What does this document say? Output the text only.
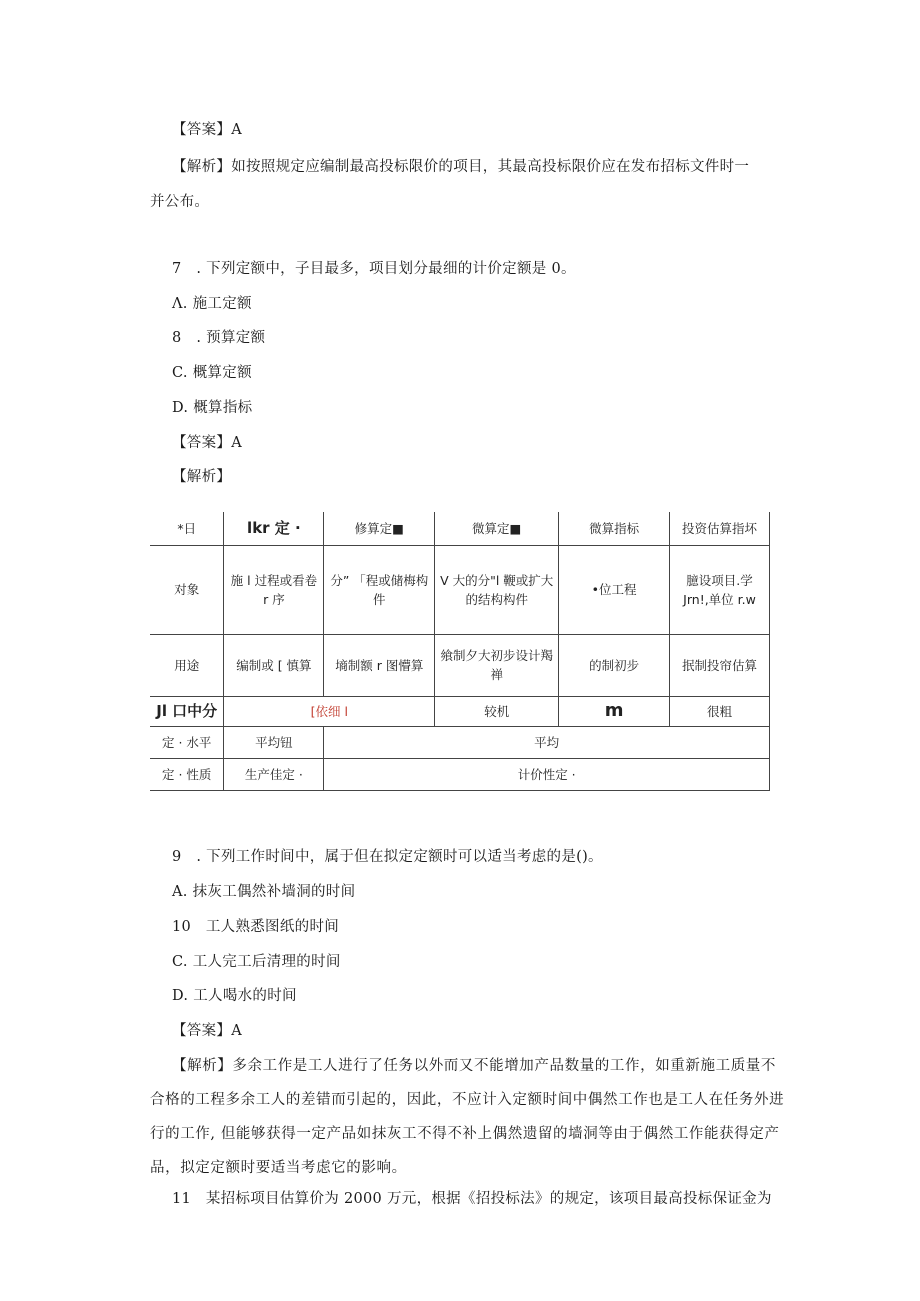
【答案】A
【解析】如按照规定应编制最高投标限价的项目，其最高投标限价应在发布招标文件时一
并公布。
7　. 下列定额中，子目最多，项目划分最细的计价定额是 0。
Λ. 施工定额
8　. 预算定额
C. 概算定额
D. 概算指标
【答案】A
【解析】
*日	lkr 定 ·	修算定■	微算定■	微算指标	投资估算指坏
对象	施 l 过程或看卷 r 序	分” 「程或储梅构件	V 大的分"l 鞭或扩大的结构构件	•位工程	臆设项目.学 Jrn!,单位 r.w
用途	编制或 [ 慎算	墒制额 r 图懵算	飨制夕大初步设计羯禅	的制初步	抿制投帘估算
Jl 口中分	[依细 l		较机	m	很粗
定 · 水平	平均钮	平均			
定 · 性质	生产佳定 ·	计价性定 ·			
9　. 下列工作时间中，属于但在拟定定额时可以适当考虑的是()。
A. 抹灰工偶然补墙洞的时间
10　工人熟悉图纸的时间
C. 工人完工后清理的时间
D. 工人喝水的时间
【答案】A
【解析】多余工作是工人进行了任务以外而又不能增加产品数量的工作，如重新施工质量不合格的工程多余工人的差错而引起的，因此，不应计入定额时间中偶然工作也是工人在任务外进行的工作, 但能够获得一定产品如抹灰工不得不补上偶然遗留的墙洞等由于偶然工作能获得定产品，拟定定额时要适当考虑它的影响。
11　某招标项目估算价为 2000 万元，根据《招投标法》的规定，该项目最高投标保证金为
